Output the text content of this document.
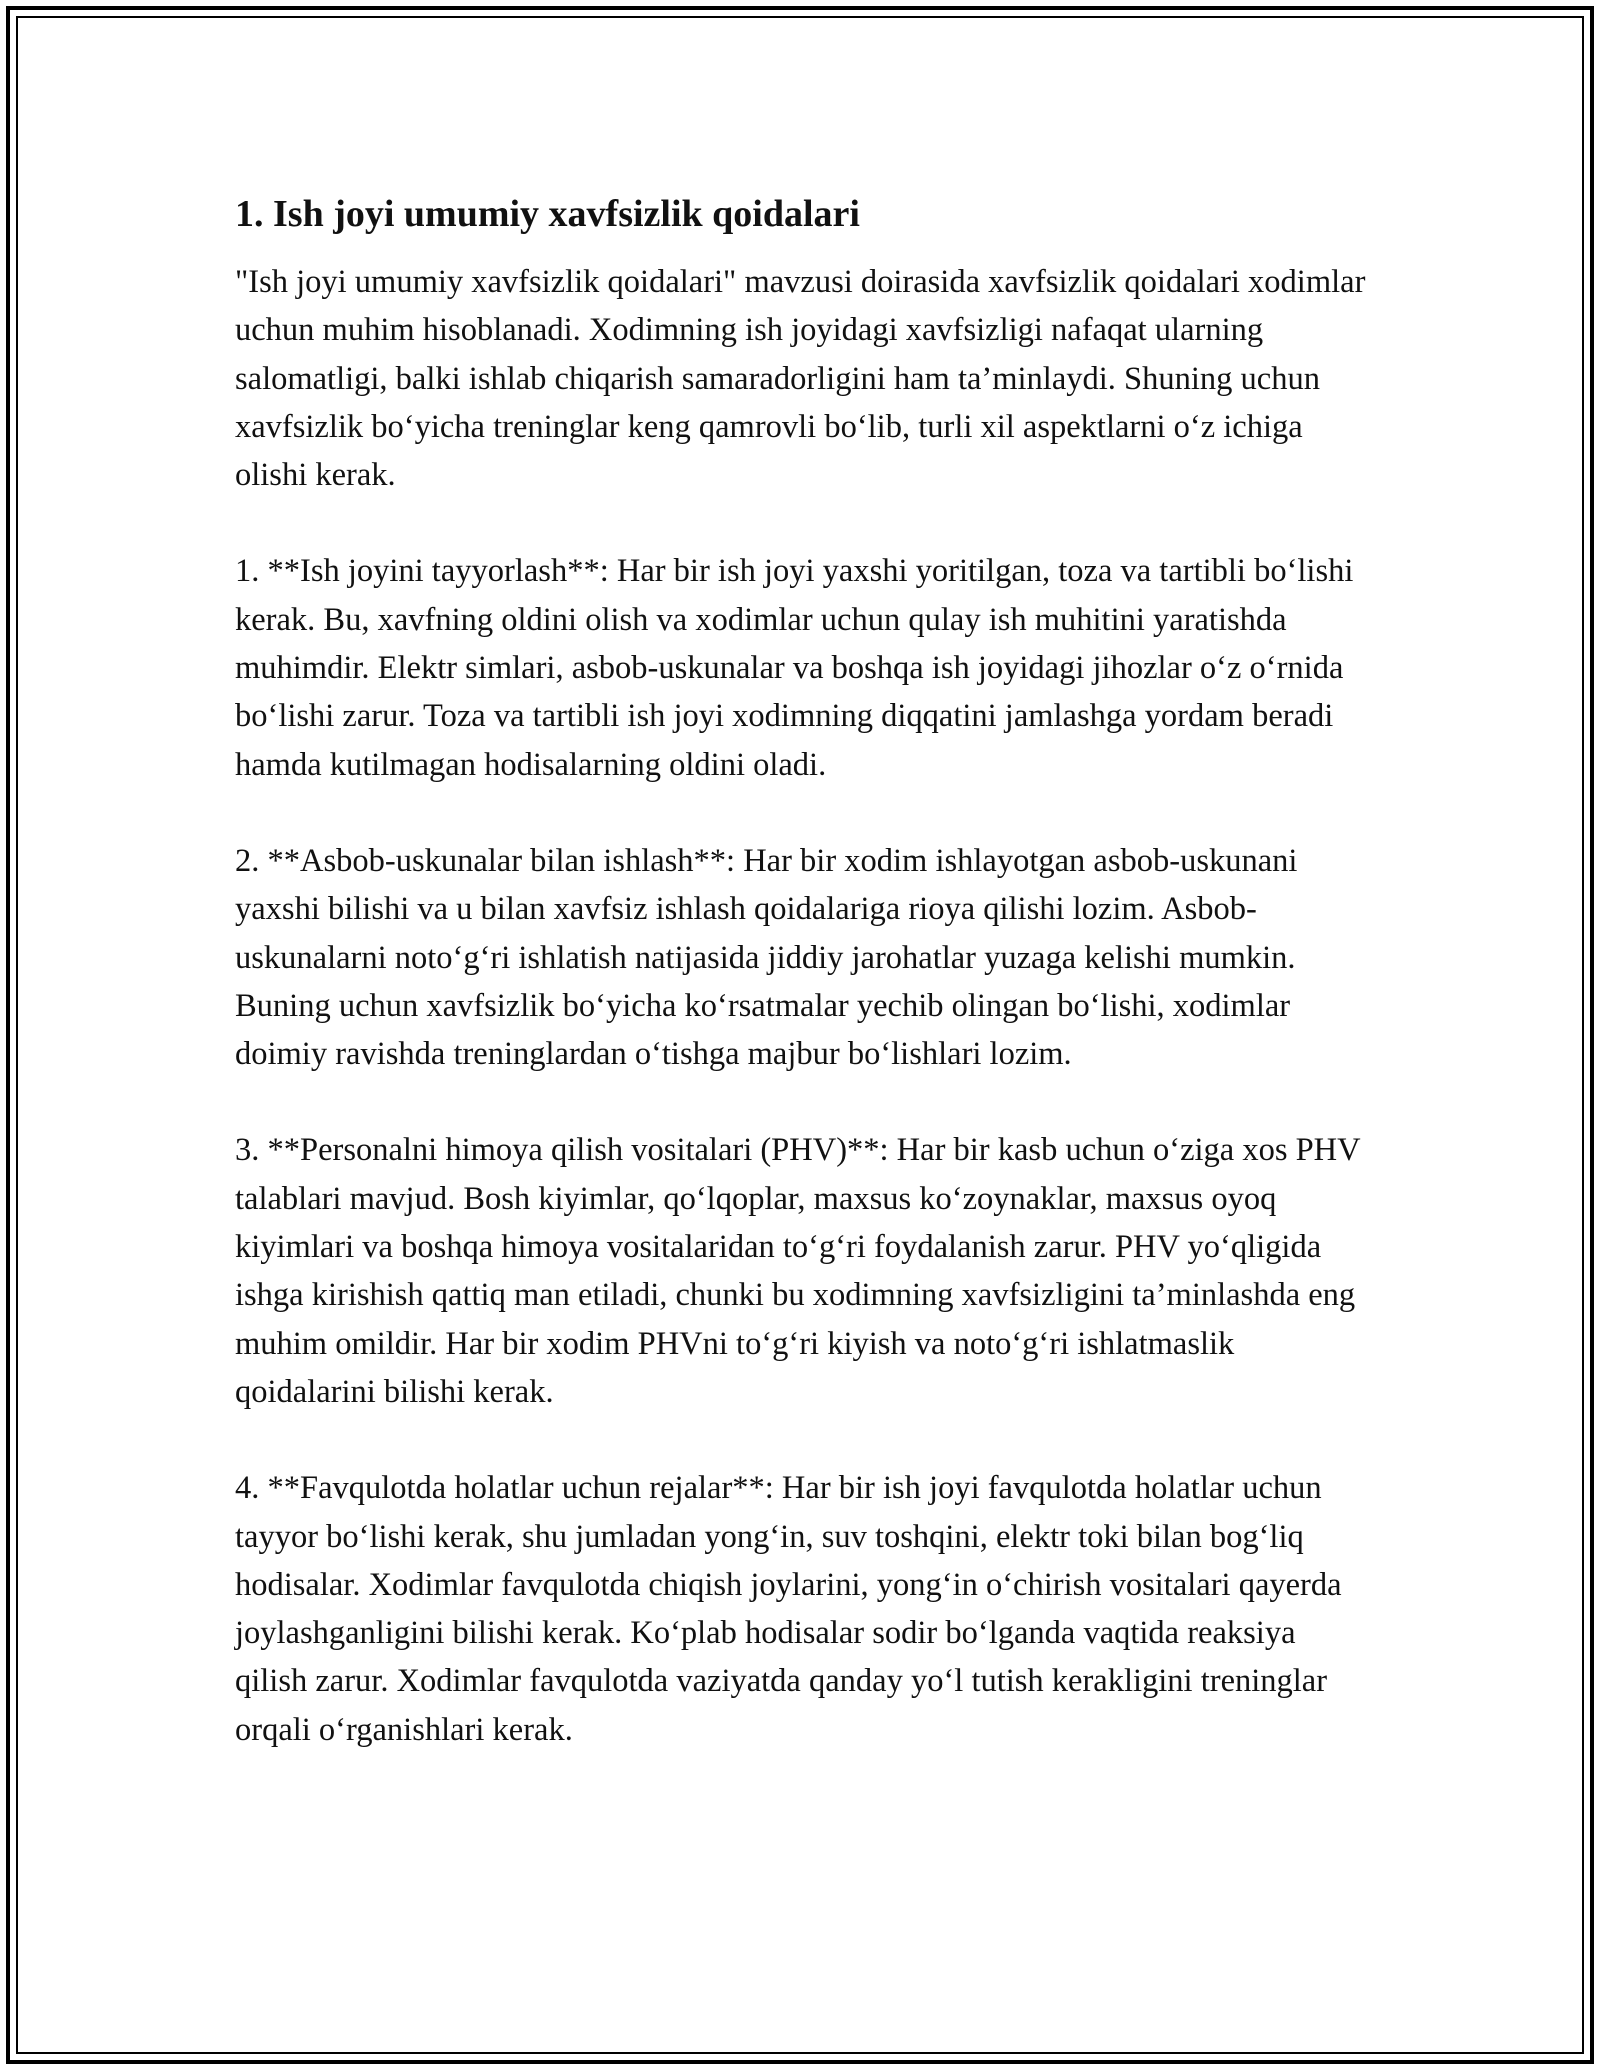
1. Ish joyi umumiy xavfsizlik qoidalari

"Ish joyi umumiy xavfsizlik qoidalari" mavzusi doirasida xavfsizlik qoidalari xodimlar uchun muhim hisoblanadi. Xodimning ish joyidagi xavfsizligi nafaqat ularning salomatligi, balki ishlab chiqarish samaradorligini ham ta’minlaydi. Shuning uchun xavfsizlik bo‘yicha treninglar keng qamrovli bo‘lib, turli xil aspektlarni o‘z ichiga olishi kerak.

1. **Ish joyini tayyorlash**: Har bir ish joyi yaxshi yoritilgan, toza va tartibli bo‘lishi kerak. Bu, xavfning oldini olish va xodimlar uchun qulay ish muhitini yaratishda muhimdir. Elektr simlari, asbob-uskunalar va boshqa ish joyidagi jihozlar o‘z o‘rnida bo‘lishi zarur. Toza va tartibli ish joyi xodimning diqqatini jamlashga yordam beradi hamda kutilmagan hodisalarning oldini oladi.

2. **Asbob-uskunalar bilan ishlash**: Har bir xodim ishlayotgan asbob-uskunani yaxshi bilishi va u bilan xavfsiz ishlash qoidalariga rioya qilishi lozim. Asbob-uskunalarni noto‘g‘ri ishlatish natijasida jiddiy jarohatlar yuzaga kelishi mumkin. Buning uchun xavfsizlik bo‘yicha ko‘rsatmalar yechib olingan bo‘lishi, xodimlar doimiy ravishda treninglardan o‘tishga majbur bo‘lishlari lozim.

3. **Personalni himoya qilish vositalari (PHV)**: Har bir kasb uchun o‘ziga xos PHV talablari mavjud. Bosh kiyimlar, qo‘lqoplar, maxsus ko‘zoynaklar, maxsus oyoq kiyimlari va boshqa himoya vositalaridan to‘g‘ri foydalanish zarur. PHV yo‘qligida ishga kirishish qattiq man etiladi, chunki bu xodimning xavfsizligini ta’minlashda eng muhim omildir. Har bir xodim PHVni to‘g‘ri kiyish va noto‘g‘ri ishlatmaslik qoidalarini bilishi kerak.

4. **Favqulotda holatlar uchun rejalar**: Har bir ish joyi favqulotda holatlar uchun tayyor bo‘lishi kerak, shu jumladan yong‘in, suv toshqini, elektr toki bilan bog‘liq hodisalar. Xodimlar favqulotda chiqish joylarini, yong‘in o‘chirish vositalari qayerda joylashganligini bilishi kerak. Ko‘plab hodisalar sodir bo‘lganda vaqtida reaksiya qilish zarur. Xodimlar favqulotda vaziyatda qanday yo‘l tutish kerakligini treninglar orqali o‘rganishlari kerak.
